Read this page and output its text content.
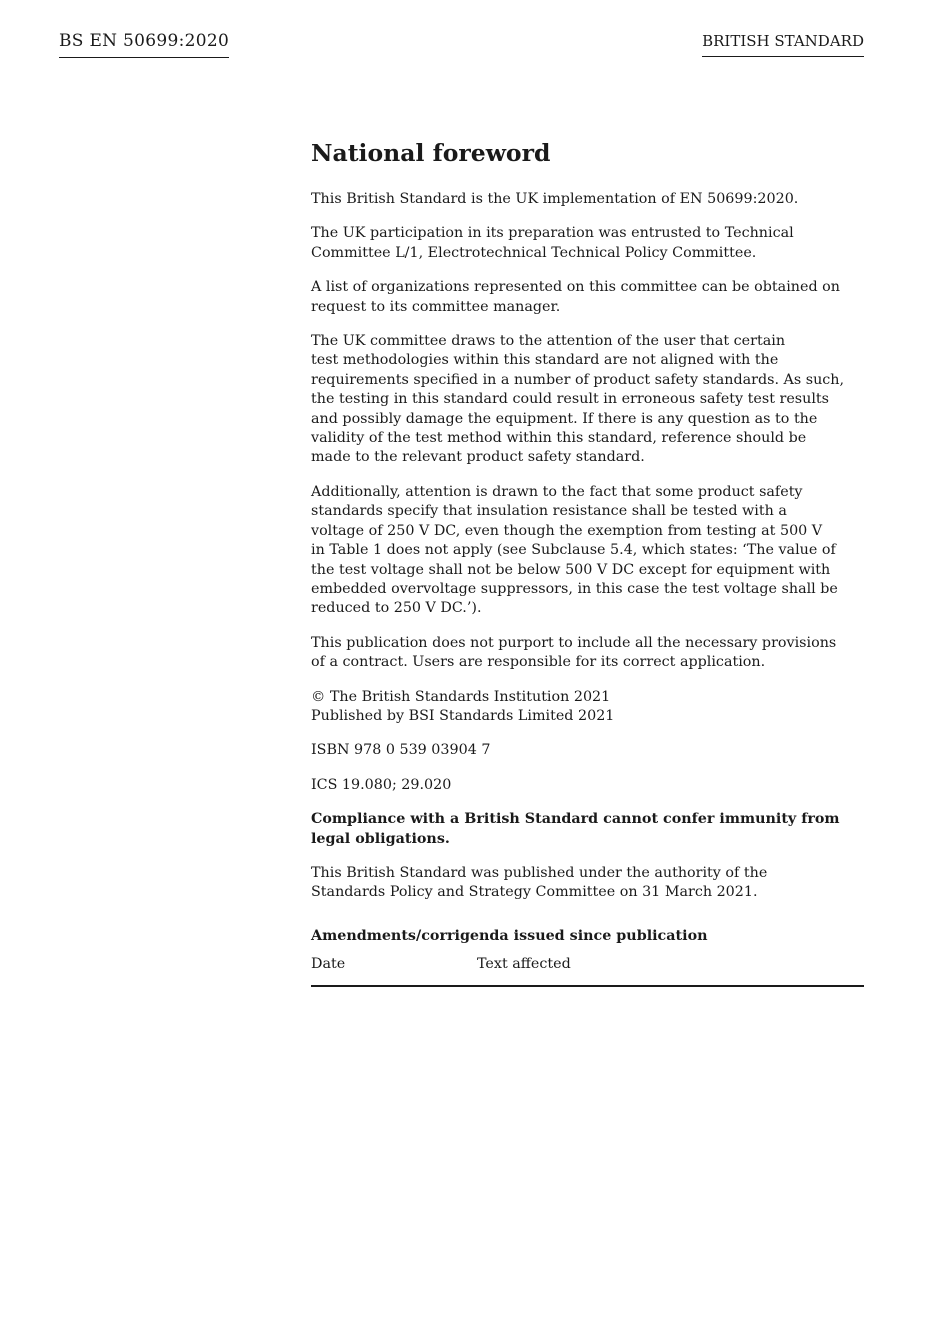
BS EN 50699:2020	BRITISH STANDARD
National foreword

This British Standard is the UK implementation of EN 50699:2020.

The UK participation in its preparation was entrusted to Technical
Committee L/1, Electrotechnical Technical Policy Committee.

A list of organizations represented on this committee can be obtained on
request to its committee manager.

The UK committee draws to the attention of the user that certain
test methodologies within this standard are not aligned with the
requirements specified in a number of product safety standards. As such,
the testing in this standard could result in erroneous safety test results
and possibly damage the equipment. If there is any question as to the
validity of the test method within this standard, reference should be
made to the relevant product safety standard.

Additionally, attention is drawn to the fact that some product safety
standards specify that insulation resistance shall be tested with a
voltage of 250 V DC, even though the exemption from testing at 500 V
in Table 1 does not apply (see Subclause 5.4, which states: ‘The value of
the test voltage shall not be below 500 V DC except for equipment with
embedded overvoltage suppressors, in this case the test voltage shall be
reduced to 250 V DC.’).

This publication does not purport to include all the necessary provisions
of a contract. Users are responsible for its correct application.

© The British Standards Institution 2021
Published by BSI Standards Limited 2021

ISBN 978 0 539 03904 7

ICS 19.080; 29.020

Compliance with a British Standard cannot confer immunity from
legal obligations.

This British Standard was published under the authority of the
Standards Policy and Strategy Committee on 31 March 2021.

Amendments/corrigenda issued since publication
Date	Text affected
